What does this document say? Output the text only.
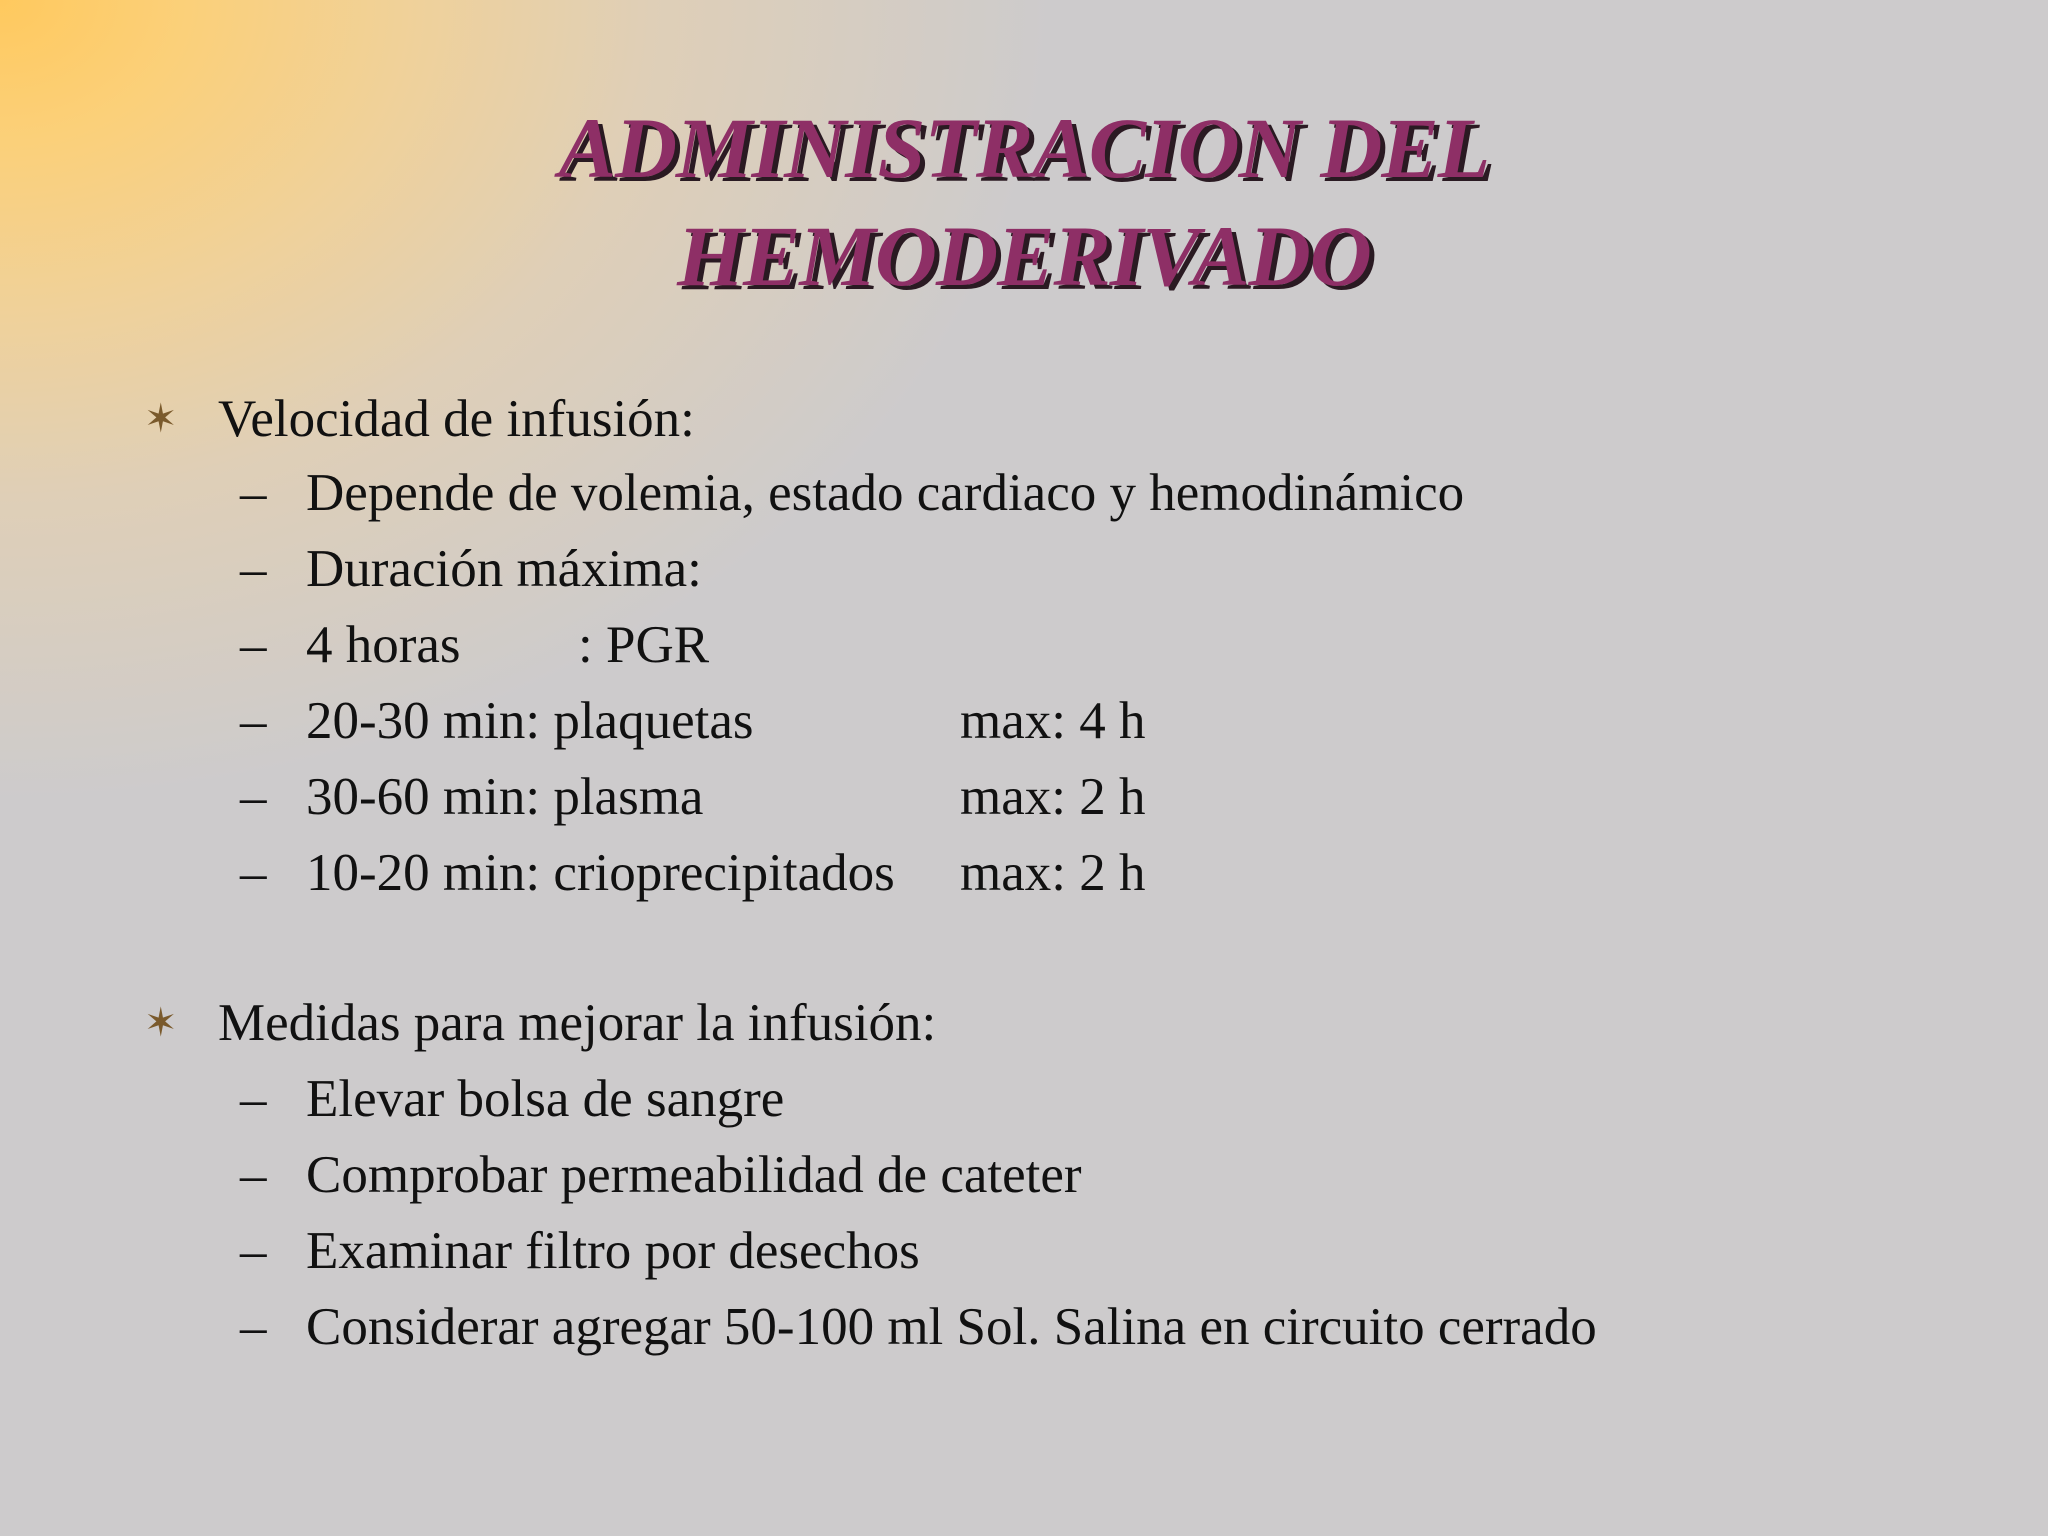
ADMINISTRACION DEL
HEMODERIVADO
✶ Velocidad de infusión:
– Depende de volemia, estado cardiaco y hemodinámico
– Duración máxima:
– 4 horas : PGR
– 20-30 min: plaquetas	max: 4 h
– 30-60 min: plasma	max: 2 h
– 10-20 min: crioprecipitados max: 2 h
✶ Medidas para mejorar la infusión:
– Elevar bolsa de sangre
– Comprobar permeabilidad de cateter
– Examinar filtro por desechos
– Considerar agregar 50-100 ml Sol. Salina en circuito cerrado
